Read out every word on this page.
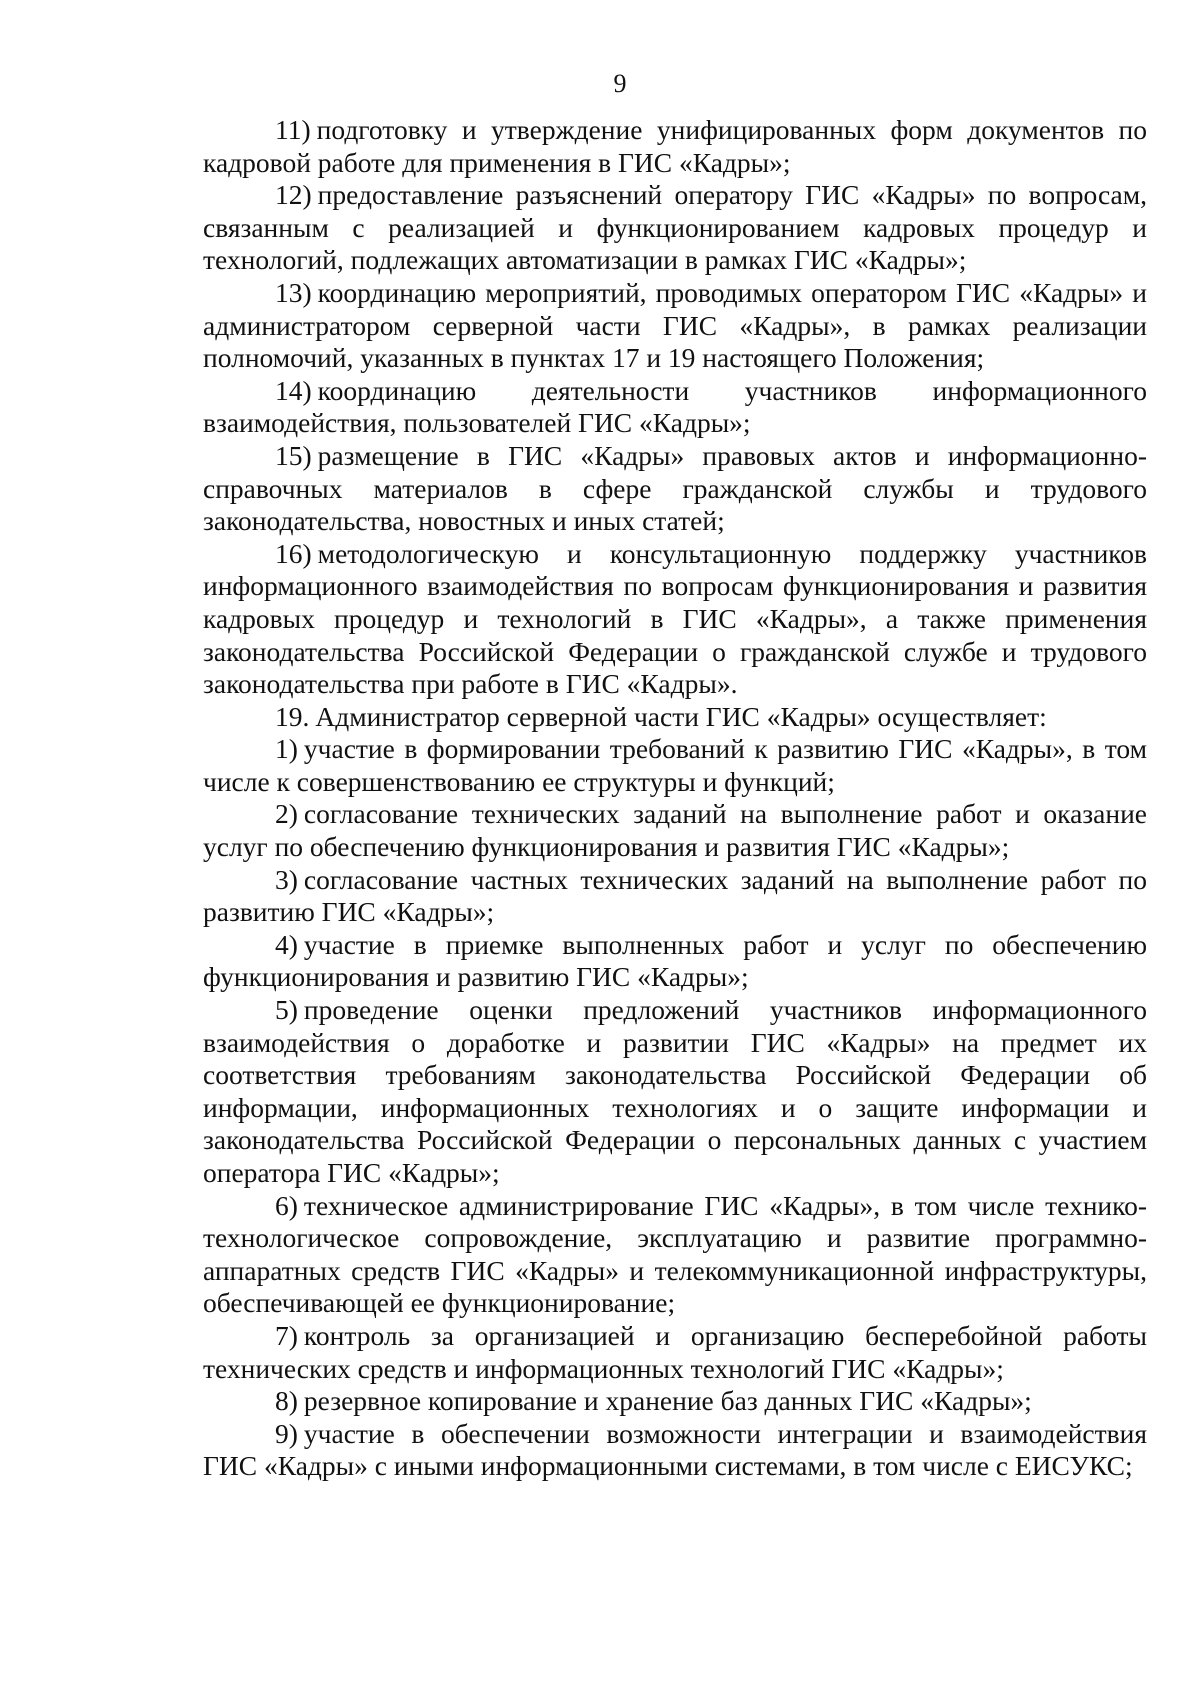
9

11) подготовку и утверждение унифицированных форм документов по кадровой работе для применения в ГИС «Кадры»;

12) предоставление разъяснений оператору ГИС «Кадры» по вопросам, связанным с реализацией и функционированием кадровых процедур и технологий, подлежащих автоматизации в рамках ГИС «Кадры»;

13) координацию мероприятий, проводимых оператором ГИС «Кадры» и администратором серверной части ГИС «Кадры», в рамках реализации полномочий, указанных в пунктах 17 и 19 настоящего Положения;

14) координацию деятельности участников информационного взаимодействия, пользователей ГИС «Кадры»;

15) размещение в ГИС «Кадры» правовых актов и информационно-справочных материалов в сфере гражданской службы и трудового законодательства, новостных и иных статей;

16) методологическую и консультационную поддержку участников информационного взаимодействия по вопросам функционирования и развития кадровых процедур и технологий в ГИС «Кадры», а также применения законодательства Российской Федерации о гражданской службе и трудового законодательства при работе в ГИС «Кадры».

19. Администратор серверной части ГИС «Кадры» осуществляет:

1) участие в формировании требований к развитию ГИС «Кадры», в том числе к совершенствованию ее структуры и функций;

2) согласование технических заданий на выполнение работ и оказание услуг по обеспечению функционирования и развития ГИС «Кадры»;

3) согласование частных технических заданий на выполнение работ по развитию ГИС «Кадры»;

4) участие в приемке выполненных работ и услуг по обеспечению функционирования и развитию ГИС «Кадры»;

5) проведение оценки предложений участников информационного взаимодействия о доработке и развитии ГИС «Кадры» на предмет их соответствия требованиям законодательства Российской Федерации об информации, информационных технологиях и о защите информации и законодательства Российской Федерации о персональных данных с участием оператора ГИС «Кадры»;

6) техническое администрирование ГИС «Кадры», в том числе технико-технологическое сопровождение, эксплуатацию и развитие программно-аппаратных средств ГИС «Кадры» и телекоммуникационной инфраструктуры, обеспечивающей ее функционирование;

7) контроль за организацией и организацию бесперебойной работы технических средств и информационных технологий ГИС «Кадры»;

8) резервное копирование и хранение баз данных ГИС «Кадры»;

9) участие в обеспечении возможности интеграции и взаимодействия ГИС «Кадры» с иными информационными системами, в том числе с ЕИСУКС;
